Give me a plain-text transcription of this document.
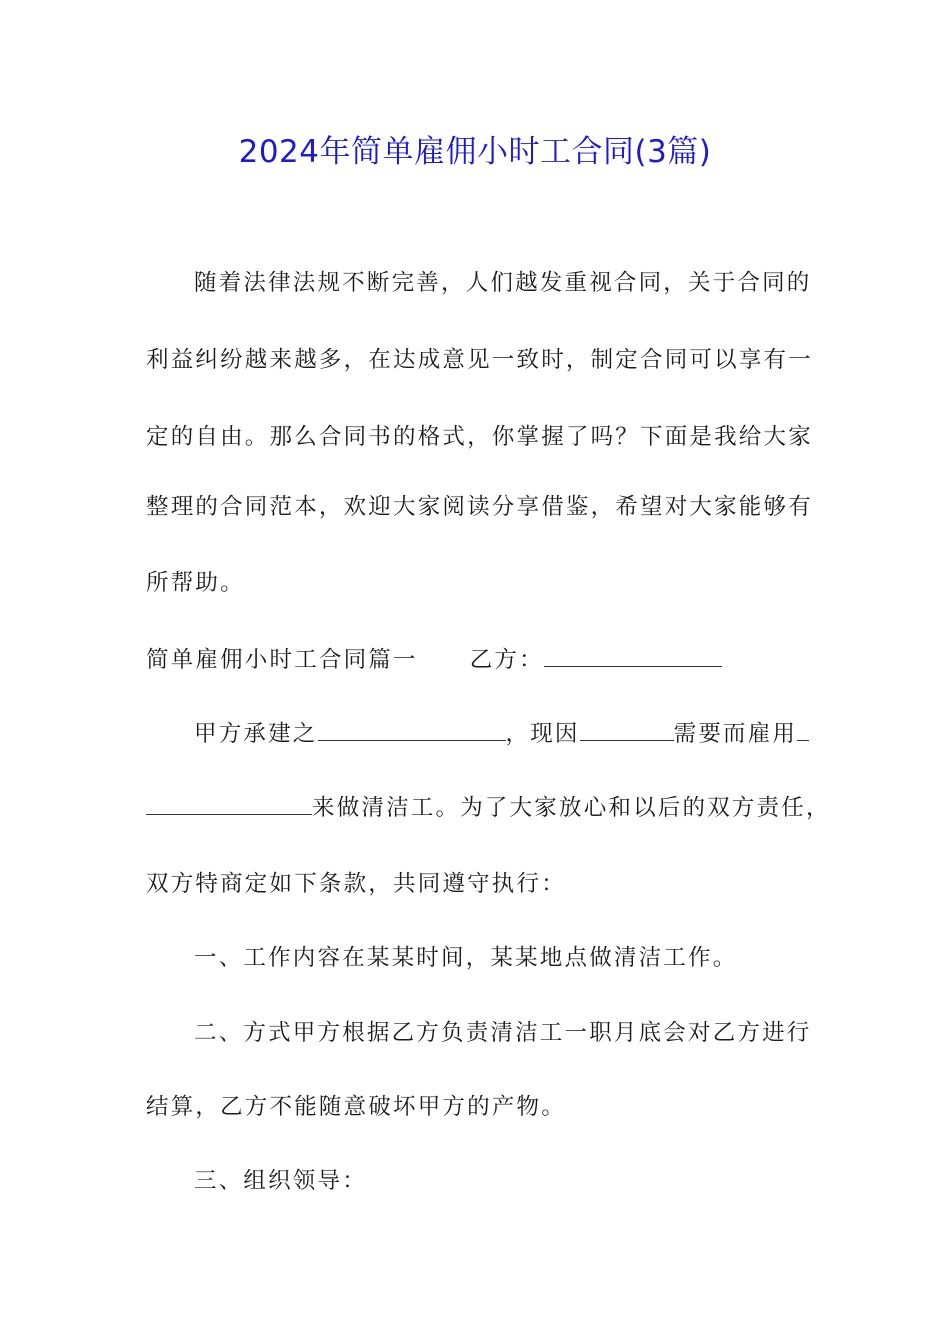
2024年简单雇佣小时工合同(3篇)
随着法律法规不断完善，人们越发重视合同，关于合同的
利益纠纷越来越多，在达成意见一致时，制定合同可以享有一
定的自由。那么合同书的格式，你掌握了吗？下面是我给大家
整理的合同范本，欢迎大家阅读分享借鉴，希望对大家能够有
所帮助。
简单雇佣小时工合同篇一 乙方：
甲方承建之	，现因	需要而雇用
来做清洁工。为了大家放心和以后的双方责任，
双方特商定如下条款，共同遵守执行：
一、工作内容在某某时间，某某地点做清洁工作。
二、方式甲方根据乙方负责清洁工一职月底会对乙方进行
结算，乙方不能随意破坏甲方的产物。
三、组织领导：
